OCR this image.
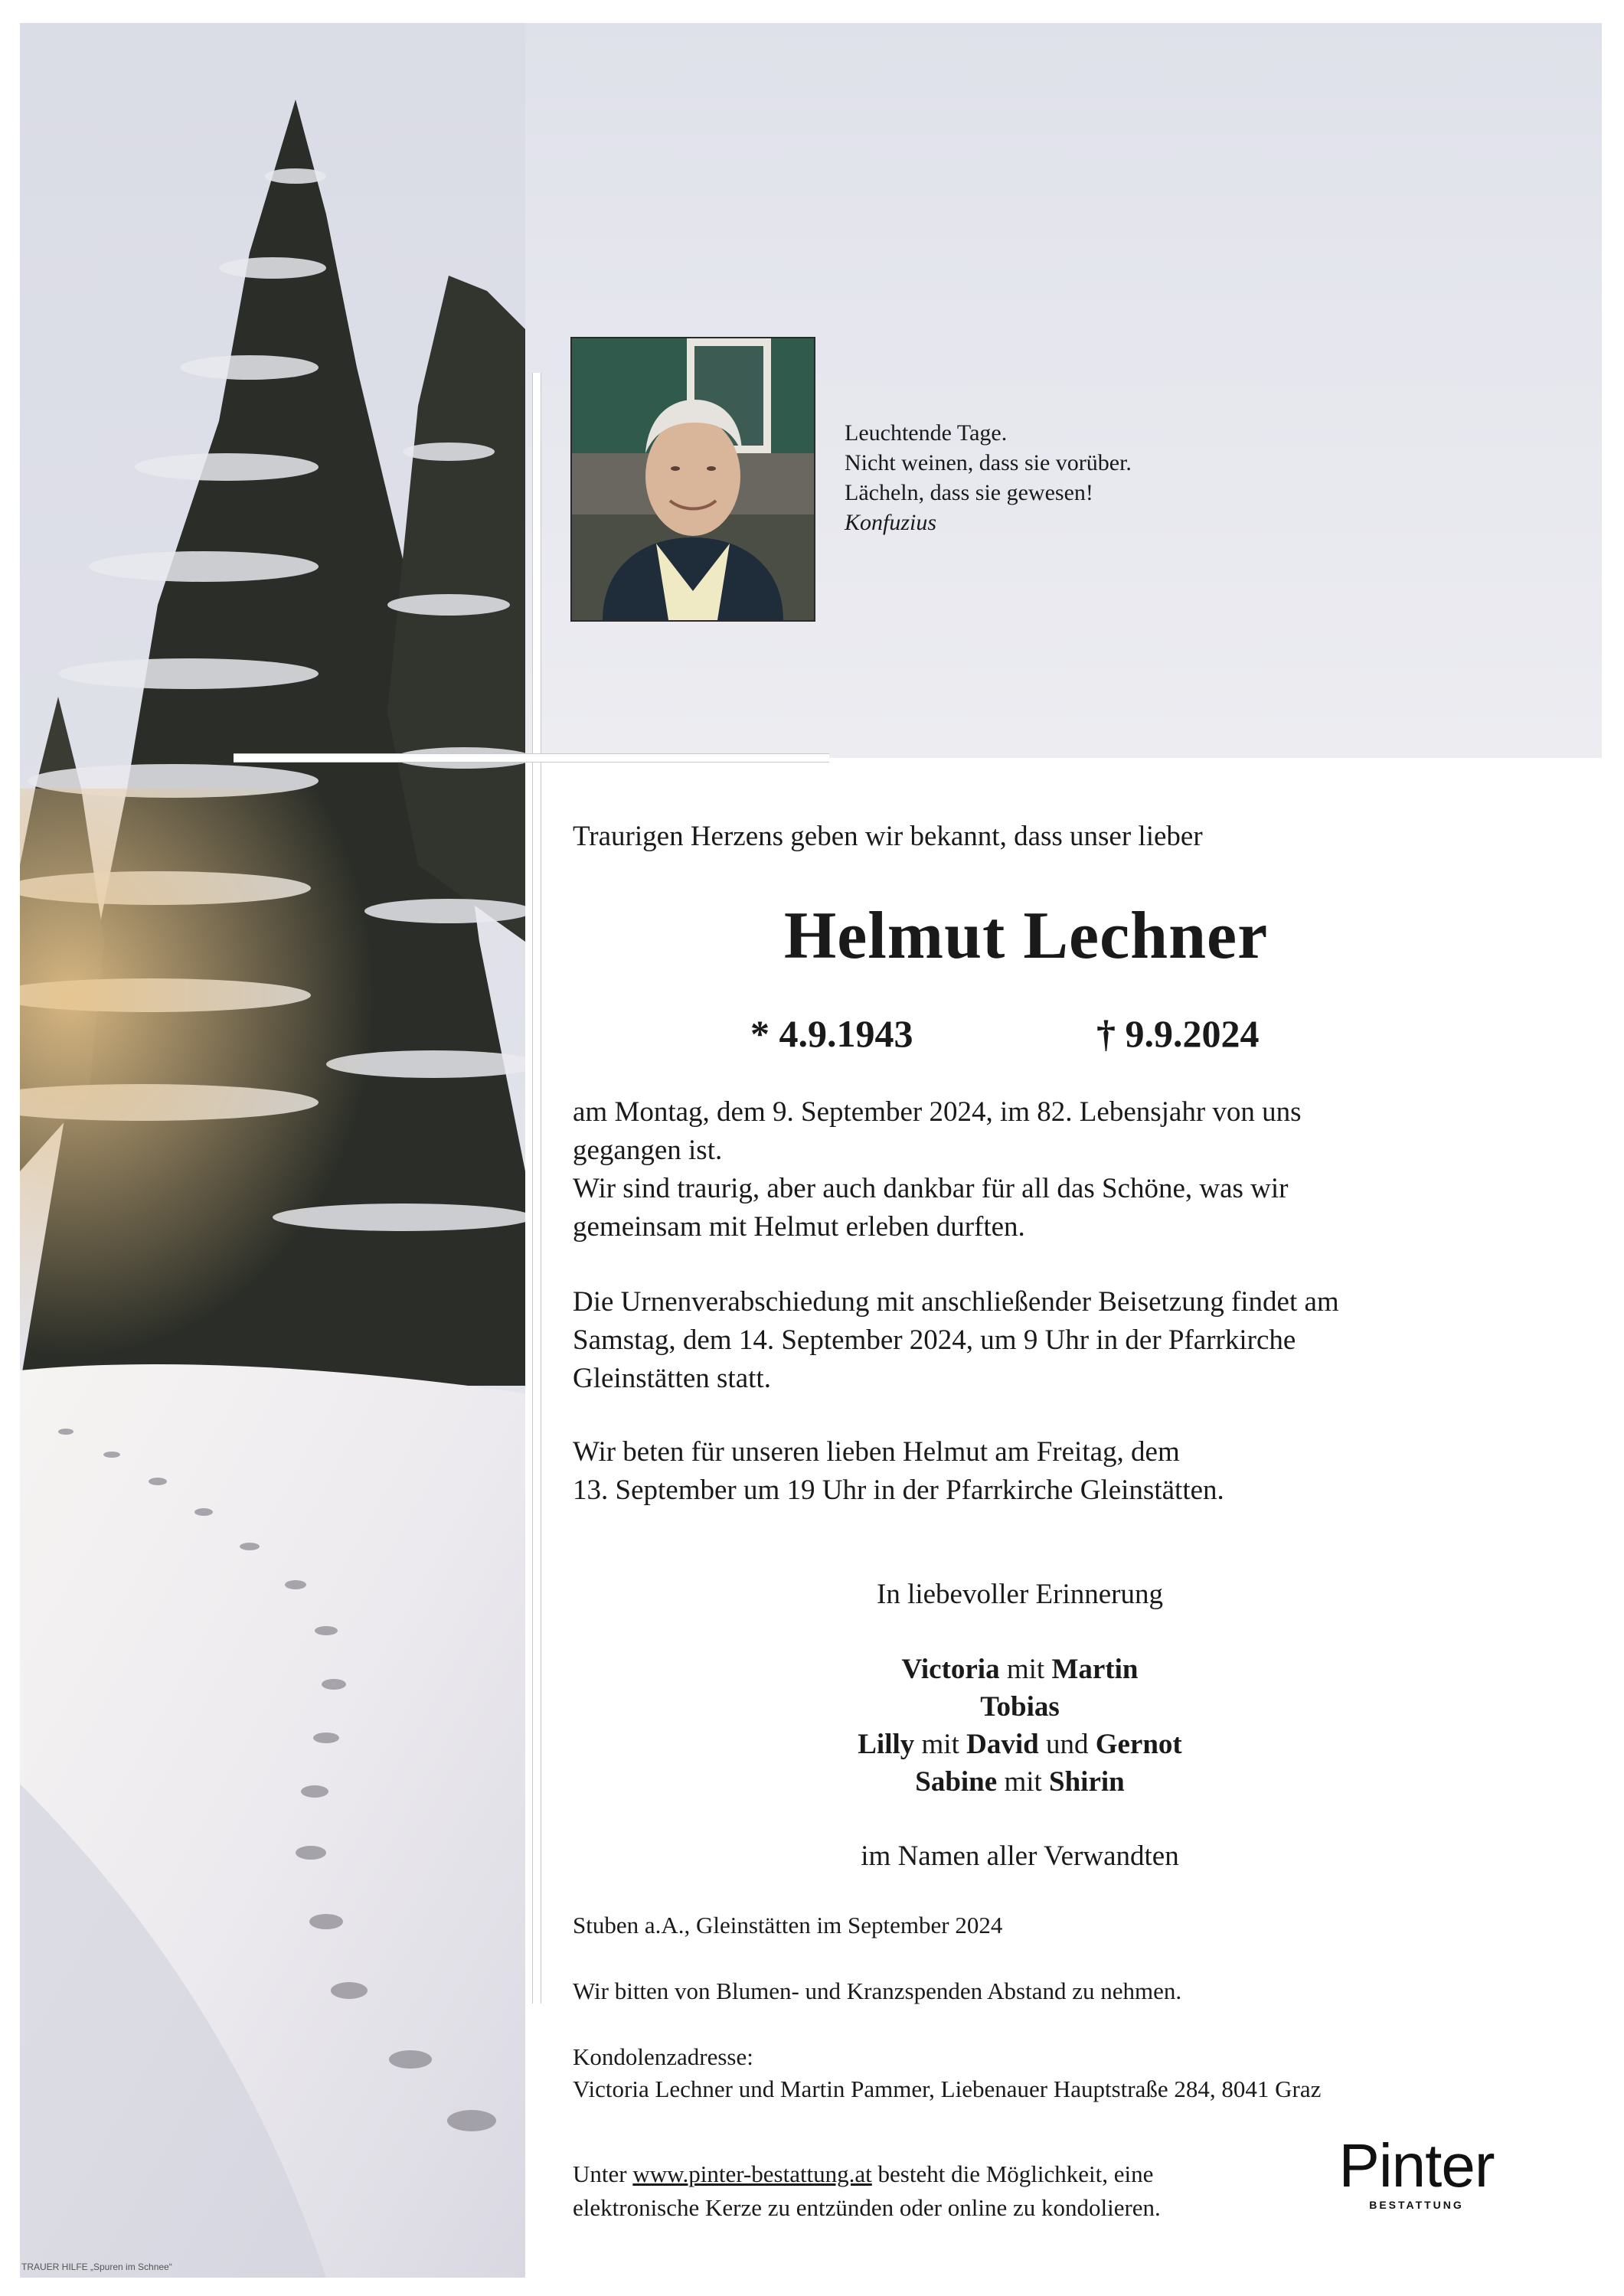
Leuchtende Tage.
Nicht weinen, dass sie vorüber.
Lächeln, dass sie gewesen!
Konfuzius
Traurigen Herzens geben wir bekannt, dass unser lieber
Helmut Lechner
* 4.9.1943	† 9.9.2024
am Montag, dem 9. September 2024, im 82. Lebensjahr von uns
gegangen ist.
Wir sind traurig, aber auch dankbar für all das Schöne, was wir
gemeinsam mit Helmut erleben durften.
Die Urnenverabschiedung mit anschließender Beisetzung findet am
Samstag, dem 14. September 2024, um 9 Uhr in der Pfarrkirche
Gleinstätten statt.
Wir beten für unseren lieben Helmut am Freitag, dem
13. September um 19 Uhr in der Pfarrkirche Gleinstätten.
In liebevoller Erinnerung
Victoria mit Martin
Tobias
Lilly mit David und Gernot
Sabine mit Shirin
im Namen aller Verwandten
Stuben a.A., Gleinstätten im September 2024
Wir bitten von Blumen- und Kranzspenden Abstand zu nehmen.
Kondolenzadresse:
Victoria Lechner und Martin Pammer, Liebenauer Hauptstraße 284, 8041 Graz
Unter www.pinter-bestattung.at besteht die Möglichkeit, eine
elektronische Kerze zu entzünden oder online zu kondolieren.
Pinter
BESTATTUNG
TRAUER HILFE „Spuren im Schnee“
